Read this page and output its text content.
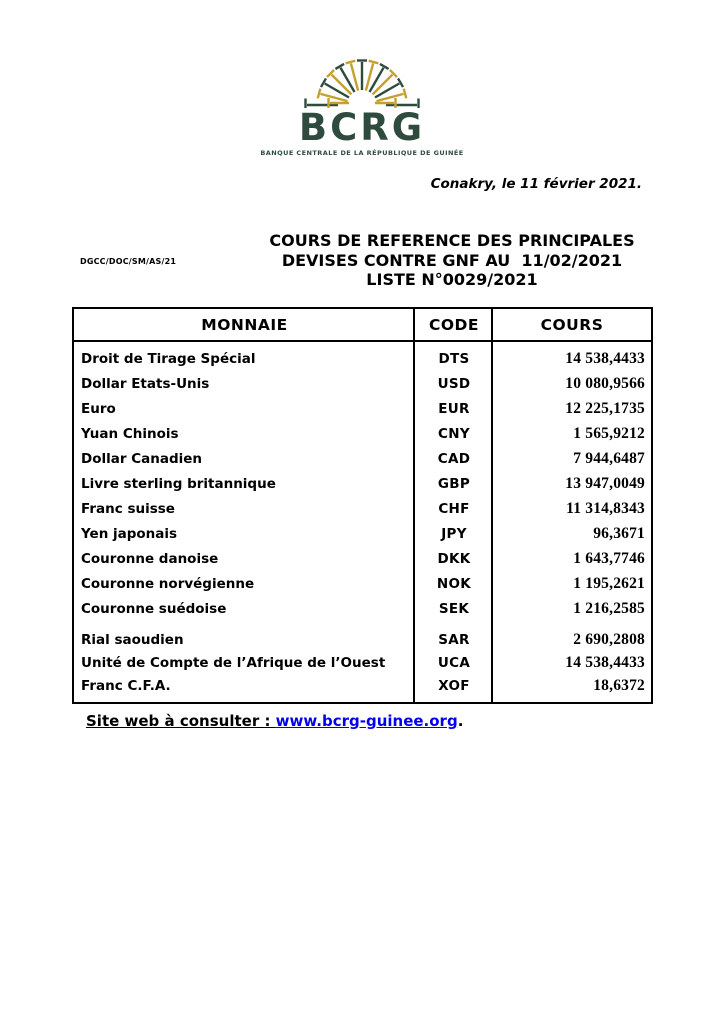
BCRG
BANQUE CENTRALE DE LA RÉPUBLIQUE DE GUINÉE
Conakry, le 11 février 2021.
DGCC/DOC/SM/AS/21
COURS DE REFERENCE DES PRINCIPALES
DEVISES CONTRE GNF AU  11/02/2021
LISTE N°0029/2021
MONNAIE	CODE	COURS
Droit de Tirage Spécial	DTS	14 538,4433
Dollar Etats-Unis	USD	10 080,9566
Euro	EUR	12 225,1735
Yuan Chinois	CNY	1 565,9212
Dollar Canadien	CAD	7 944,6487
Livre sterling britannique	GBP	13 947,0049
Franc suisse	CHF	11 314,8343
Yen japonais	JPY	96,3671
Couronne danoise	DKK	1 643,7746
Couronne norvégienne	NOK	1 195,2621
Couronne suédoise	SEK	1 216,2585
Rial saoudien	SAR	2 690,2808
Unité de Compte de l’Afrique de l’Ouest	UCA	14 538,4433
Franc C.F.A.	XOF	18,6372
Site web à consulter : www.bcrg-guinee.org.
